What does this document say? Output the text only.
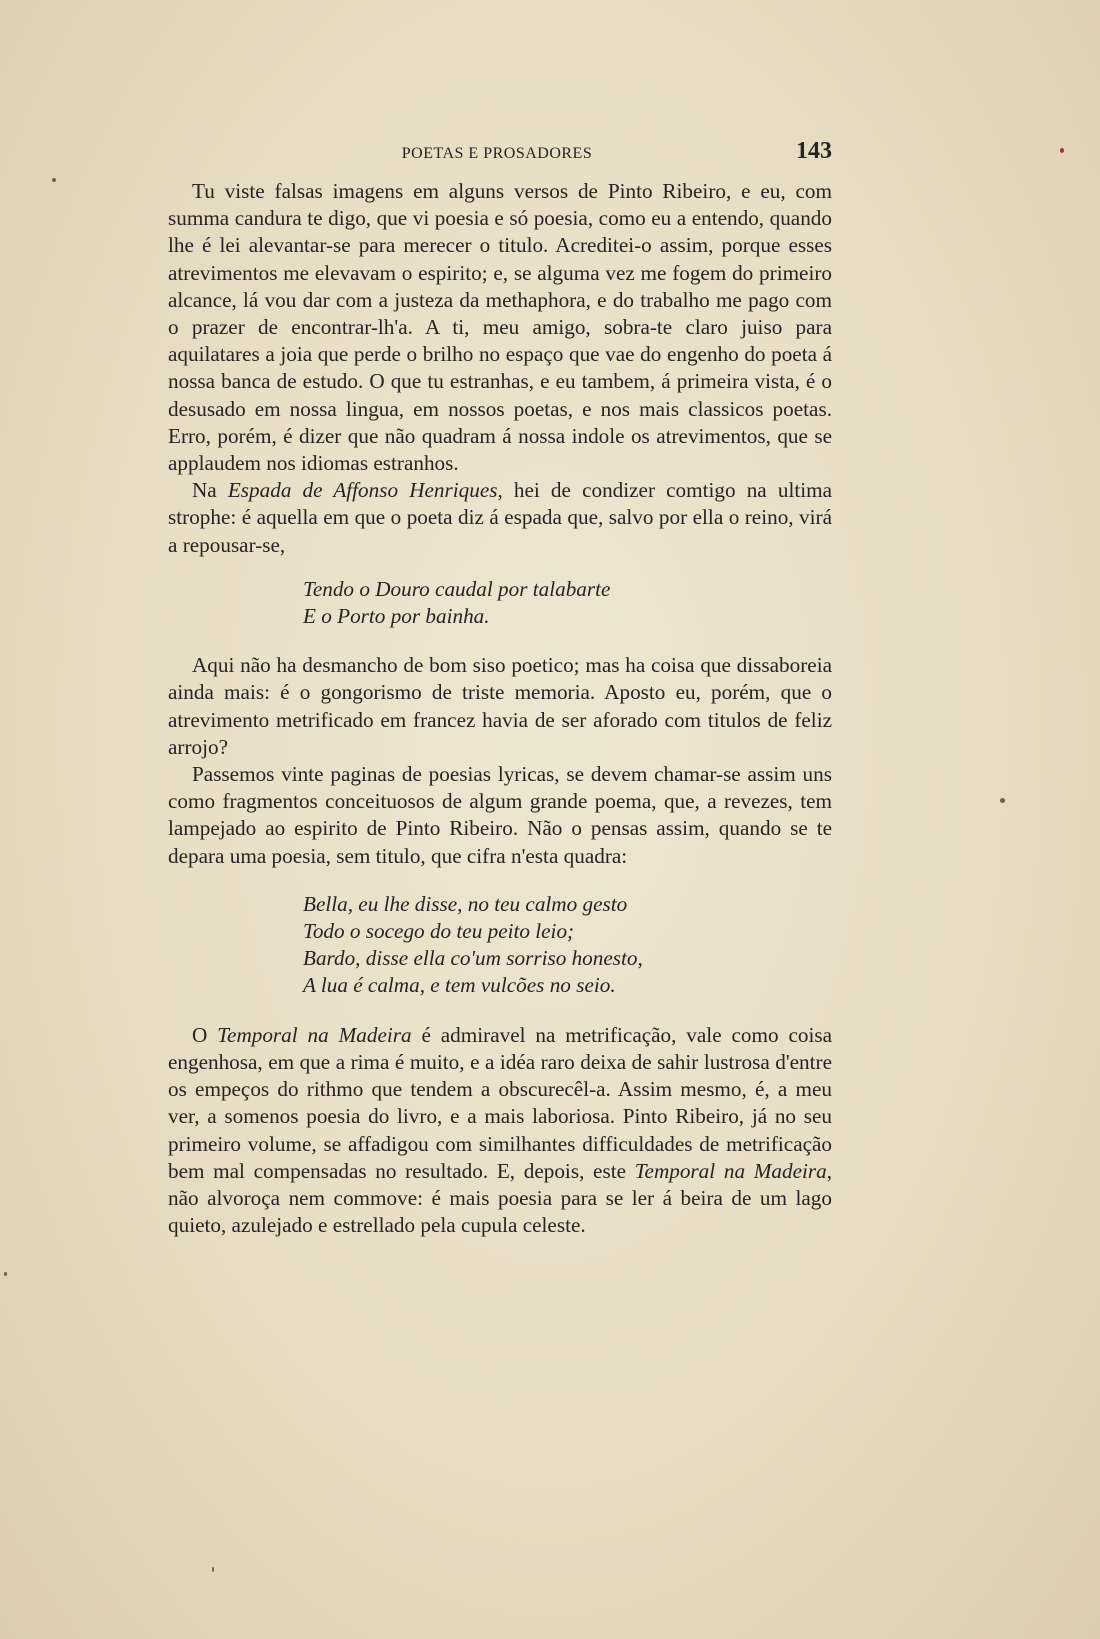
POETAS E PROSADORES	143

Tu viste falsas imagens em alguns versos de Pinto Ribeiro, e eu, com summa candura te digo, que vi poesia e só poesia, como eu a entendo, quando lhe é lei alevantar-se para merecer o titulo. Acreditei-o assim, porque esses atrevimentos me elevavam o espirito; e, se alguma vez me fogem do primeiro alcance, lá vou dar com a justeza da methaphora, e do trabalho me pago com o prazer de encontrar-lh'a. A ti, meu amigo, sobra-te claro juiso para aquilatares a joia que perde o brilho no espaço que vae do engenho do poeta á nossa banca de estudo. O que tu estranhas, e eu tambem, á primeira vista, é o desusado em nossa lingua, em nossos poetas, e nos mais classicos poetas. Erro, porém, é dizer que não quadram á nossa indole os atrevimentos, que se applaudem nos idiomas estranhos.

Na Espada de Affonso Henriques, hei de condizer comtigo na ultima strophe: é aquella em que o poeta diz á espada que, salvo por ella o reino, virá a repousar-se,

Tendo o Douro caudal por talabarte
E o Porto por bainha.

Aqui não ha desmancho de bom siso poetico; mas ha coisa que dissaboreia ainda mais: é o gongorismo de triste memoria. Aposto eu, porém, que o atrevimento metrificado em francez havia de ser aforado com titulos de feliz arrojo?

Passemos vinte paginas de poesias lyricas, se devem chamar-se assim uns como fragmentos conceituosos de algum grande poema, que, a revezes, tem lampejado ao espirito de Pinto Ribeiro. Não o pensas assim, quando se te depara uma poesia, sem titulo, que cifra n'esta quadra:

Bella, eu lhe disse, no teu calmo gesto
Todo o socego do teu peito leio;
Bardo, disse ella co'um sorriso honesto,
A lua é calma, e tem vulcões no seio.

O Temporal na Madeira é admiravel na metrificação, vale como coisa engenhosa, em que a rima é muito, e a idéa raro deixa de sahir lustrosa d'entre os empeços do rithmo que tendem a obscurecêl-a. Assim mesmo, é, a meu ver, a somenos poesia do livro, e a mais laboriosa. Pinto Ribeiro, já no seu primeiro volume, se affadigou com similhantes difficuldades de metrificação bem mal compensadas no resultado. E, depois, este Temporal na Madeira, não alvoroça nem commove: é mais poesia para se ler á beira de um lago quieto, azulejado e estrellado pela cupula celeste.
